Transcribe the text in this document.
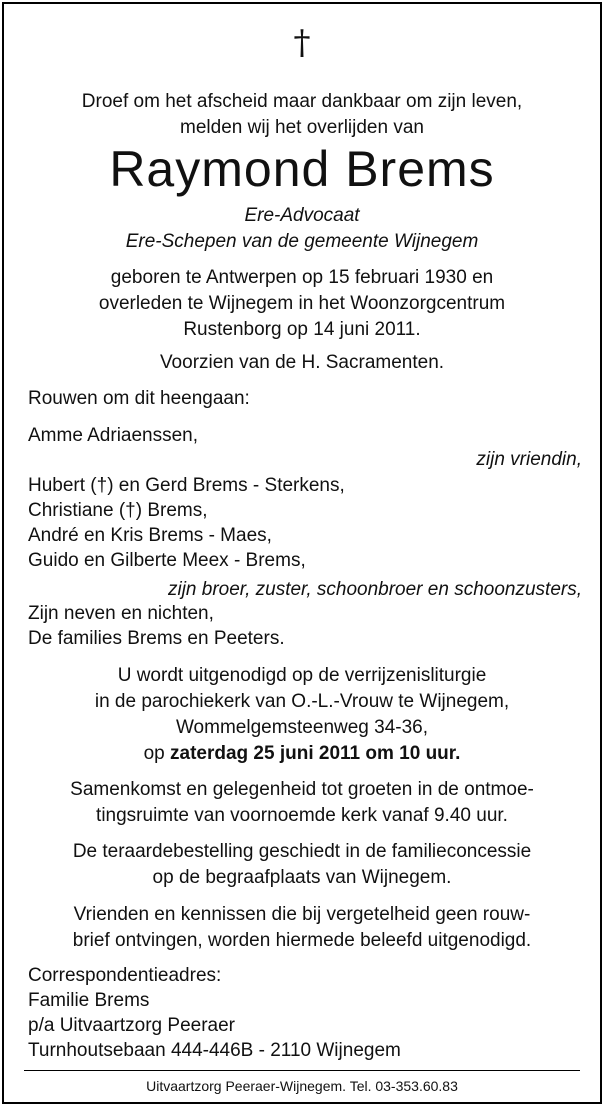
†
Droef om het afscheid maar dankbaar om zijn leven,
melden wij het overlijden van
Raymond Brems
Ere-Advocaat
Ere-Schepen van de gemeente Wijnegem
geboren te Antwerpen op 15 februari 1930 en
overleden te Wijnegem in het Woonzorgcentrum
Rustenborg op 14 juni 2011.
Voorzien van de H. Sacramenten.
Rouwen om dit heengaan:
Amme Adriaenssen,
zijn vriendin,
Hubert (†) en Gerd Brems - Sterkens,
Christiane (†) Brems,
André en Kris Brems - Maes,
Guido en Gilberte Meex - Brems,
zijn broer, zuster, schoonbroer en schoonzusters,
Zijn neven en nichten,
De families Brems en Peeters.
U wordt uitgenodigd op de verrijzenisliturgie
in de parochiekerk van O.-L.-Vrouw te Wijnegem,
Wommelgemsteenweg 34-36,
op zaterdag 25 juni 2011 om 10 uur.
Samenkomst en gelegenheid tot groeten in de ontmoe-
tingsruimte van voornoemde kerk vanaf 9.40 uur.
De teraardebestelling geschiedt in de familieconcessie
op de begraafplaats van Wijnegem.
Vrienden en kennissen die bij vergetelheid geen rouw-
brief ontvingen, worden hiermede beleefd uitgenodigd.
Correspondentieadres:
Familie Brems
p/a Uitvaartzorg Peeraer
Turnhoutsebaan 444-446B - 2110 Wijnegem
Uitvaartzorg Peeraer-Wijnegem. Tel. 03-353.60.83
